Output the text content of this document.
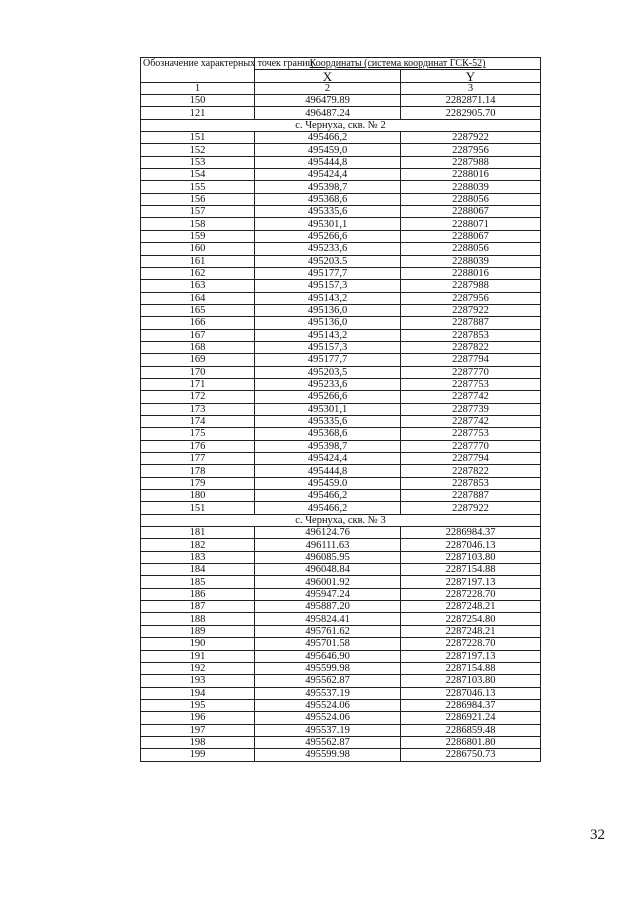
Обозначение характерных точек границ	Координаты (система координат ГСК-52)	
	X	Y
1	2	3
150	496479.89	2282871.14
121	496487.24	2282905.70
с. Чернуха, скв. № 2		
151	495466,2	2287922
152	495459,0	2287956
153	495444,8	2287988
154	495424,4	2288016
155	495398,7	2288039
156	495368,6	2288056
157	495335,6	2288067
158	495301,1	2288071
159	495266,6	2288067
160	495233,6	2288056
161	495203.5	2288039
162	495177,7	2288016
163	495157,3	2287988
164	495143,2	2287956
165	495136,0	2287922
166	495136,0	2287887
167	495143,2	2287853
168	495157,3	2287822
169	495177,7	2287794
170	495203,5	2287770
171	495233,6	2287753
172	495266,6	2287742
173	495301,1	2287739
174	495335,6	2287742
175	495368,6	2287753
176	495398,7	2287770
177	495424,4	2287794
178	495444,8	2287822
179	495459.0	2287853
180	495466,2	2287887
151	495466,2	2287922
с. Чернуха, скв. № 3		
181	496124.76	2286984.37
182	496111.63	2287046.13
183	496085.95	2287103.80
184	496048.84	2287154.88
185	496001.92	2287197.13
186	495947.24	2287228.70
187	495887.20	2287248.21
188	495824.41	2287254.80
189	495761.62	2287248.21
190	495701.58	2287228.70
191	495646.90	2287197.13
192	495599.98	2287154.88
193	495562.87	2287103.80
194	495537.19	2287046.13
195	495524.06	2286984.37
196	495524.06	2286921.24
197	495537.19	2286859.48
198	495562.87	2286801.80
199	495599.98	2286750.73
32
